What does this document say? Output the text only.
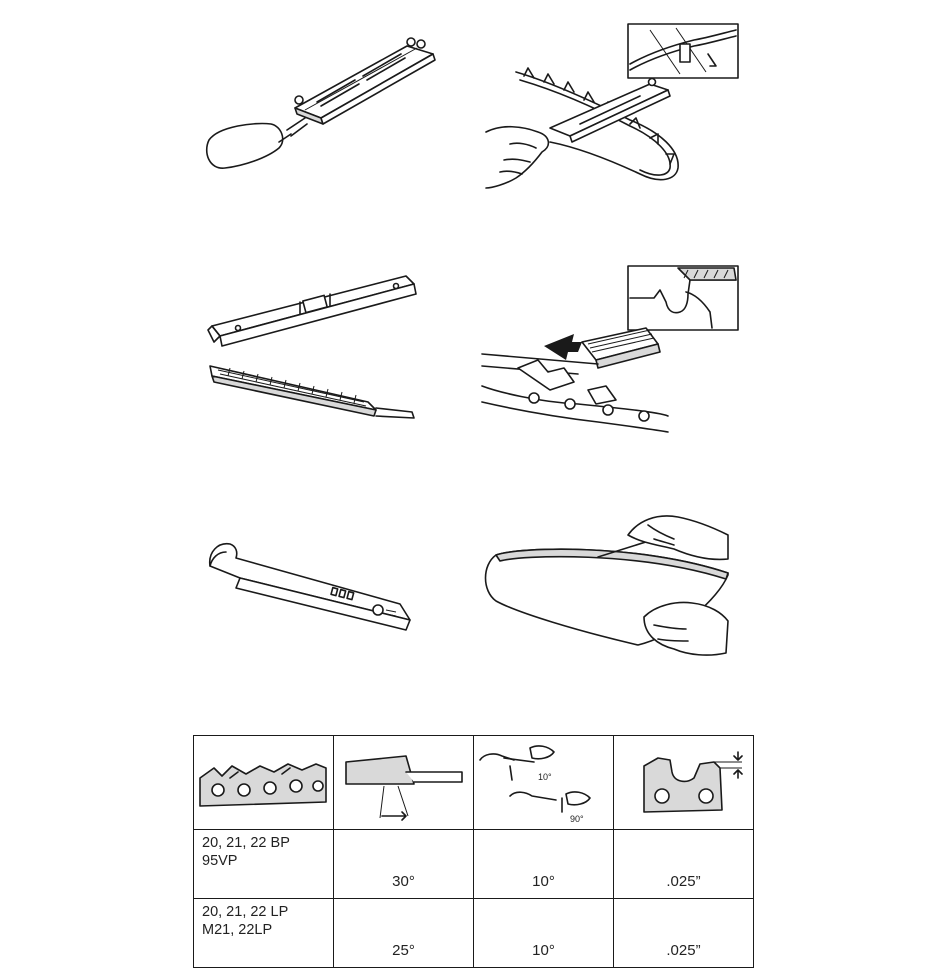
10°
90°

20, 21, 22 BP
95VP	30°	10°	.025”

20, 21, 22 LP
M21, 22LP	25°	10°	.025”
